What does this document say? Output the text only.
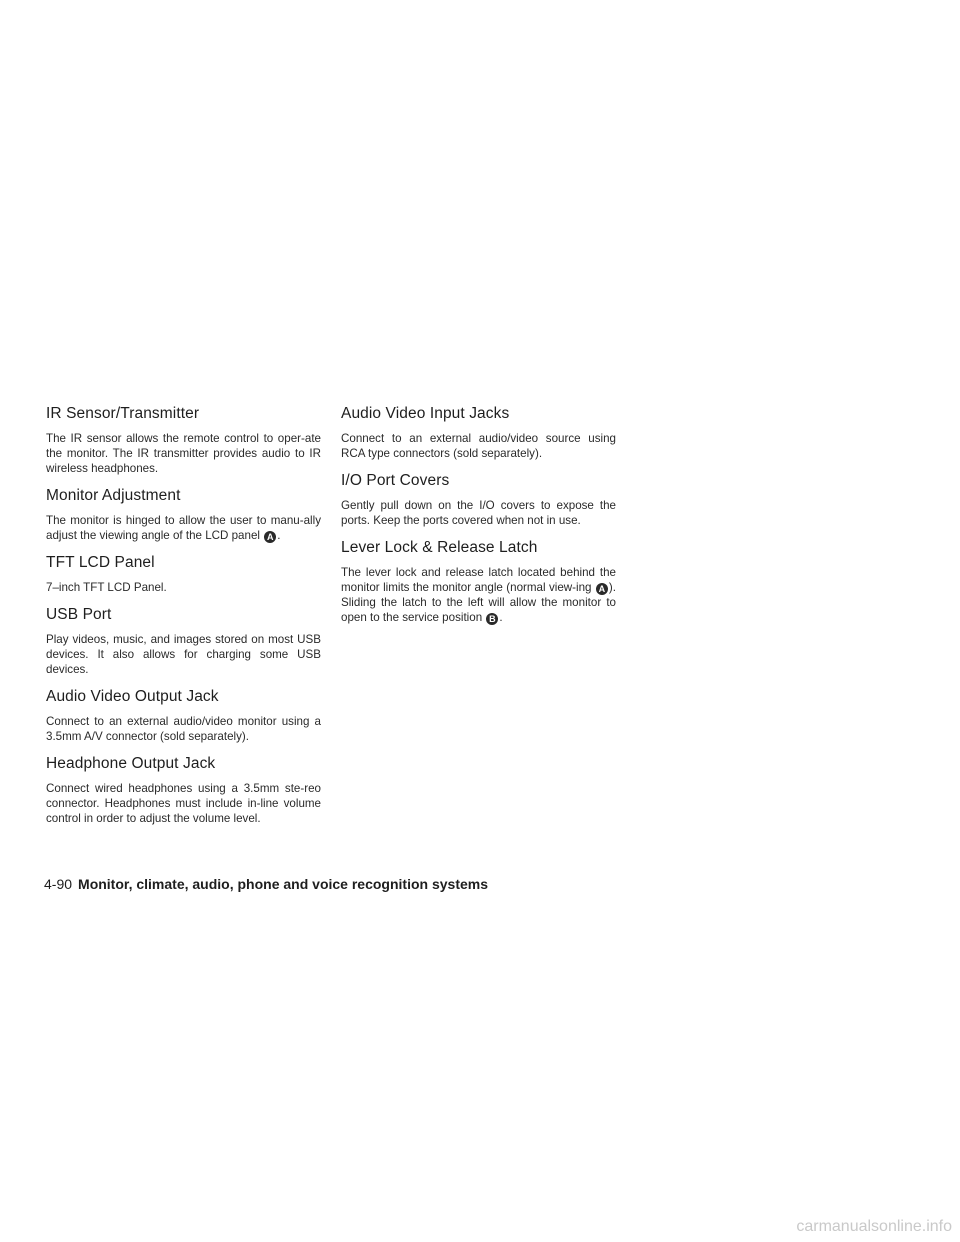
IR Sensor/Transmitter

The IR sensor allows the remote control to oper-ate the monitor. The IR transmitter provides audio to IR wireless headphones.

Monitor Adjustment

The monitor is hinged to allow the user to manu-ally adjust the viewing angle of the LCD panel A .

TFT LCD Panel

7–inch TFT LCD Panel.

USB Port

Play videos, music, and images stored on most USB devices. It also allows for charging some USB devices.

Audio Video Output Jack

Connect to an external audio/video monitor using a 3.5mm A/V connector (sold separately).

Headphone Output Jack

Connect wired headphones using a 3.5mm ste-reo connector. Headphones must include in-line volume control in order to adjust the volume level.

Audio Video Input Jacks

Connect to an external audio/video source using RCA type connectors (sold separately).

I/O Port Covers

Gently pull down on the I/O covers to expose the ports. Keep the ports covered when not in use.

Lever Lock & Release Latch

The lever lock and release latch located behind the monitor limits the monitor angle (normal view-ing A ). Sliding the latch to the left will allow the monitor to open to the service position B .

4-90 Monitor, climate, audio, phone and voice recognition systems
carmanualsonline.info
